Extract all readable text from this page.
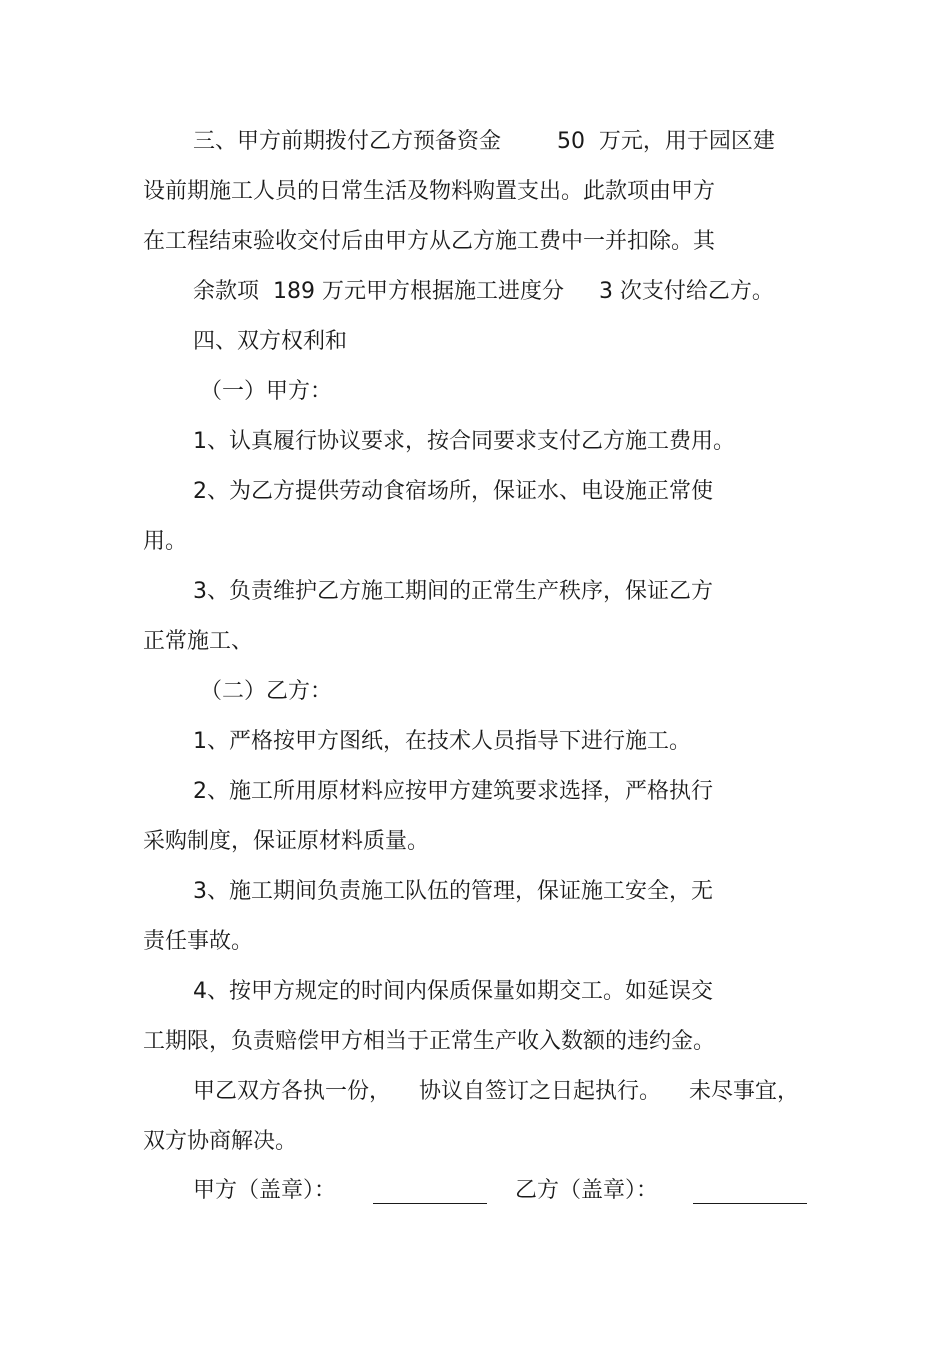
三、甲方前期拨付乙方预备资金        50  万元，用于园区建

设前期施工人员的日常生活及物料购置支出。此款项由甲方

在工程结束验收交付后由甲方从乙方施工费中一并扣除。其

余款项  189 万元甲方根据施工进度分     3 次支付给乙方。

四、双方权利和

（一）甲方：

1、认真履行协议要求，按合同要求支付乙方施工费用。

2、为乙方提供劳动食宿场所，保证水、电设施正常使

用。

3、负责维护乙方施工期间的正常生产秩序，保证乙方

正常施工、

（二）乙方：

1、严格按甲方图纸，在技术人员指导下进行施工。

2、施工所用原材料应按甲方建筑要求选择，严格执行

采购制度，保证原材料质量。

3、施工期间负责施工队伍的管理，保证施工安全，无

责任事故。

4、按甲方规定的时间内保质保量如期交工。如延误交

工期限，负责赔偿甲方相当于正常生产收入数额的违约金。

甲乙双方各执一份，    协议自签订之日起执行。    未尽事宜，

双方协商解决。

甲方（盖章）：

	乙方（盖章）：
